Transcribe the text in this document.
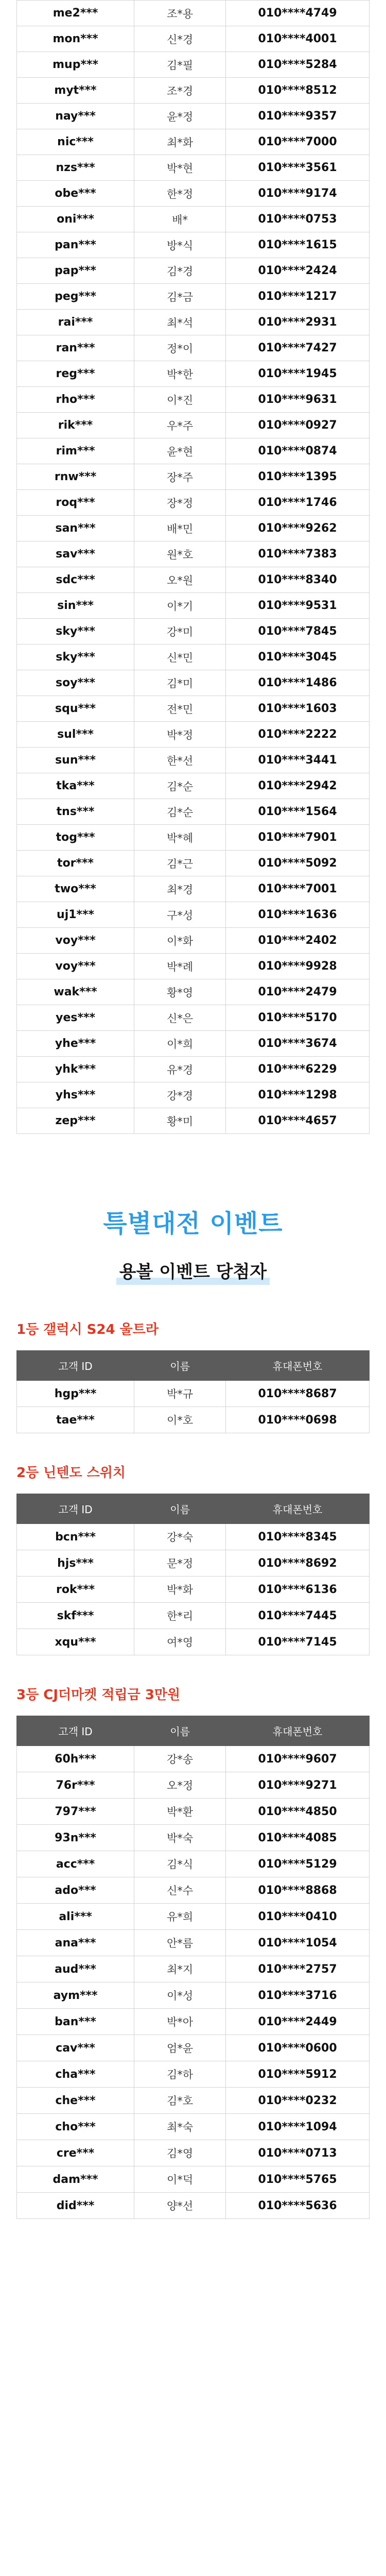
me2***	조*용	010****4749
mon***	신*경	010****4001
mup***	김*필	010****5284
myt***	조*경	010****8512
nay***	윤*정	010****9357
nic***	최*화	010****7000
nzs***	박*현	010****3561
obe***	한*정	010****9174
oni***	배*	010****0753
pan***	방*식	010****1615
pap***	김*경	010****2424
peg***	김*금	010****1217
rai***	최*석	010****2931
ran***	정*이	010****7427
reg***	박*한	010****1945
rho***	이*진	010****9631
rik***	우*주	010****0927
rim***	윤*현	010****0874
rnw***	장*주	010****1395
roq***	장*정	010****1746
san***	배*민	010****9262
sav***	원*호	010****7383
sdc***	오*원	010****8340
sin***	이*기	010****9531
sky***	강*미	010****7845
sky***	신*민	010****3045
soy***	김*미	010****1486
squ***	전*민	010****1603
sul***	박*정	010****2222
sun***	한*선	010****3441
tka***	김*순	010****2942
tns***	김*순	010****1564
tog***	박*혜	010****7901
tor***	김*근	010****5092
two***	최*경	010****7001
uj1***	구*성	010****1636
voy***	이*화	010****2402
voy***	박*례	010****9928
wak***	황*영	010****2479
yes***	신*은	010****5170
yhe***	이*희	010****3674
yhk***	유*경	010****6229
yhs***	강*경	010****1298
zep***	황*미	010****4657
특별대전 이벤트
용볼 이벤트 당첨자
1등 갤럭시 S24 울트라
고객 ID	이름	휴대폰번호
hgp***	박*규	010****8687
tae***	이*호	010****0698
2등 닌텐도 스위치
고객 ID	이름	휴대폰번호
bcn***	강*숙	010****8345
hjs***	문*정	010****8692
rok***	박*화	010****6136
skf***	한*리	010****7445
xqu***	여*영	010****7145
3등 CJ더마켓 적립금 3만원
고객 ID	이름	휴대폰번호
60h***	강*송	010****9607
76r***	오*정	010****9271
797***	박*환	010****4850
93n***	박*숙	010****4085
acc***	김*식	010****5129
ado***	신*수	010****8868
ali***	유*희	010****0410
ana***	안*름	010****1054
aud***	최*지	010****2757
aym***	이*성	010****3716
ban***	박*아	010****2449
cav***	엄*윤	010****0600
cha***	김*하	010****5912
che***	김*호	010****0232
cho***	최*숙	010****1094
cre***	김*영	010****0713
dam***	이*덕	010****5765
did***	양*선	010****5636
